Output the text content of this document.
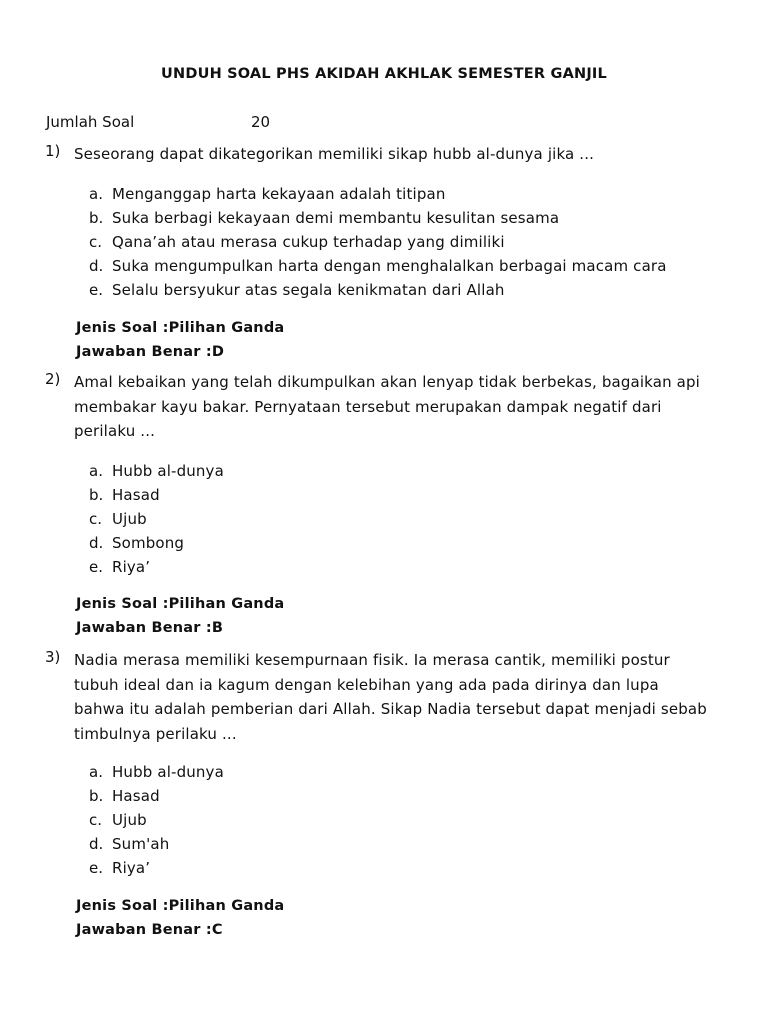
UNDUH SOAL PHS AKIDAH AKHLAK SEMESTER GANJIL
Jumlah Soal	20
1) Seseorang dapat dikategorikan memiliki sikap hubb al-dunya jika ...
a. Menganggap harta kekayaan adalah titipan
b. Suka berbagi kekayaan demi membantu kesulitan sesama
c. Qana’ah atau merasa cukup terhadap yang dimiliki
d. Suka mengumpulkan harta dengan menghalalkan berbagai macam cara
e. Selalu bersyukur atas segala kenikmatan dari Allah
Jenis Soal :Pilihan Ganda
Jawaban Benar :D
2) Amal kebaikan yang telah dikumpulkan akan lenyap tidak berbekas, bagaikan api membakar kayu bakar. Pernyataan tersebut merupakan dampak negatif dari perilaku ...
a. Hubb al-dunya
b. Hasad
c. Ujub
d. Sombong
e. Riya’
Jenis Soal :Pilihan Ganda
Jawaban Benar :B
3) Nadia merasa memiliki kesempurnaan fisik. Ia merasa cantik, memiliki postur tubuh ideal dan ia kagum dengan kelebihan yang ada pada dirinya dan lupa bahwa itu adalah pemberian dari Allah. Sikap Nadia tersebut dapat menjadi sebab timbulnya perilaku ...
a. Hubb al-dunya
b. Hasad
c. Ujub
d. Sum'ah
e. Riya’
Jenis Soal :Pilihan Ganda
Jawaban Benar :C
